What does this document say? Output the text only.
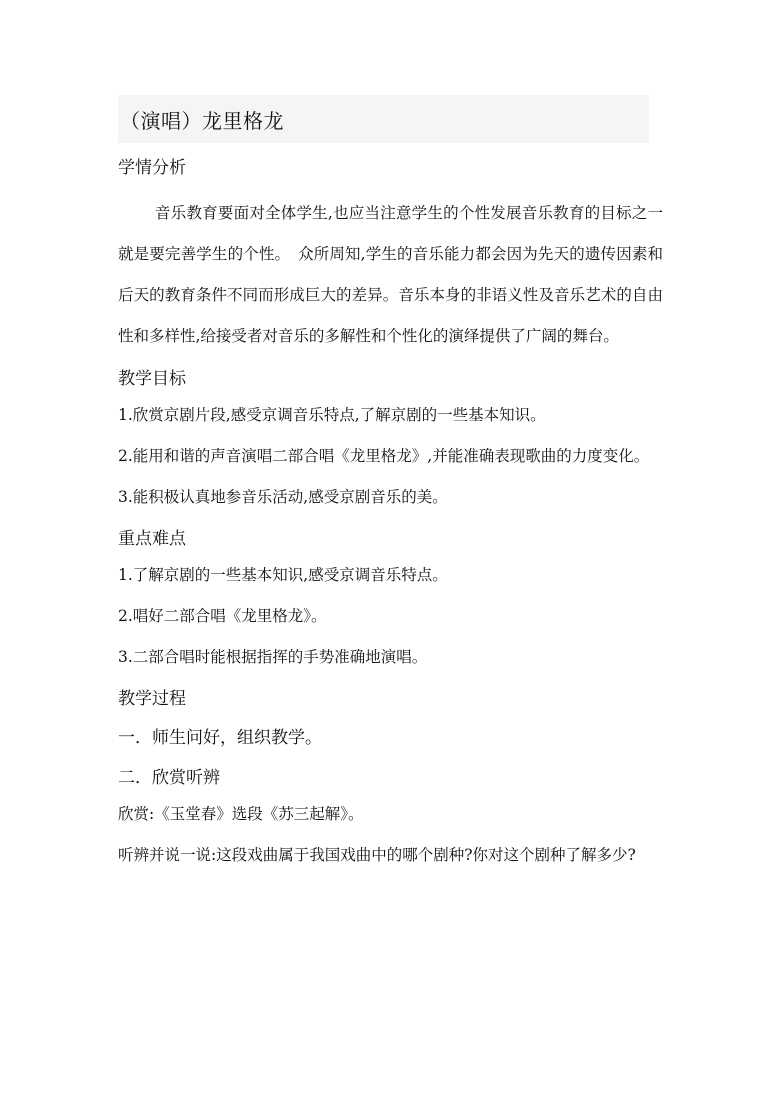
（演唱）龙里格龙
学情分析

音乐教育要面对全体学生,也应当注意学生的个性发展音乐教育的目标之一就是要完善学生的个性。　众所周知,学生的音乐能力都会因为先天的遗传因素和后天的教育条件不同而形成巨大的差异。音乐本身的非语义性及音乐艺术的自由性和多样性,给接受者对音乐的多解性和个性化的演绎提供了广阔的舞台。

教学目标

1.欣赏京剧片段,感受京调音乐特点,了解京剧的一些基本知识。

2.能用和谐的声音演唱二部合唱《龙里格龙》,并能准确表现歌曲的力度变化。

3.能积极认真地参音乐活动,感受京剧音乐的美。

重点难点

1.了解京剧的一些基本知识,感受京调音乐特点。

2.唱好二部合唱《龙里格龙》。

3.二部合唱时能根据指挥的手势准确地演唱。

教学过程
一．师生问好，组织教学。
二．欣赏听辨

欣赏:《玉堂春》选段《苏三起解》。

听辨并说一说:这段戏曲属于我国戏曲中的哪个剧种?你对这个剧种了解多少?
